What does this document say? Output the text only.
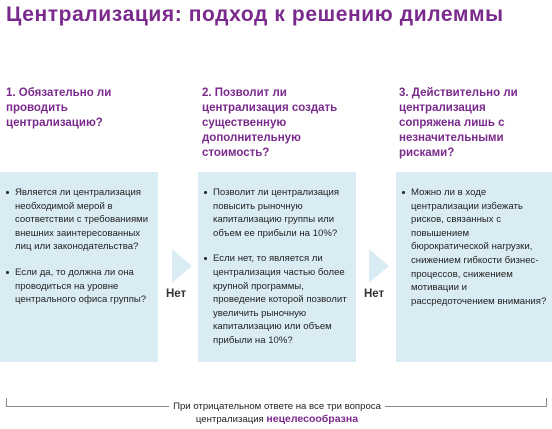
Централизация: подход к решению дилеммы
1. Обязательно ли проводить централизацию?
2. Позволит ли централизация создать существенную дополнительную стоимость?
3. Действительно ли централизация сопряжена лишь с незначительными рисками?
Является ли централизация необходимой мерой в соответствии с требованиями внешних заинтересованных лиц или законодательства?
Если да, то должна ли она проводиться на уровне центрального офиса группы?
Позволит ли централизация повысить рыночную капитализацию группы или объем ее прибыли на 10%?
Если нет, то является ли централизация частью более крупной программы, проведение которой позволит увеличить рыночную капитализацию или объем прибыли на 10%?
Можно ли в ходе централизации избежать рисков, связанных с повышением бюрократической нагрузки, снижением гибкости бизнес-процессов, снижением мотивации и рассредоточением внимания?
Нет	Нет
При отрицательном ответе на все три вопроса централизация нецелесообразна
